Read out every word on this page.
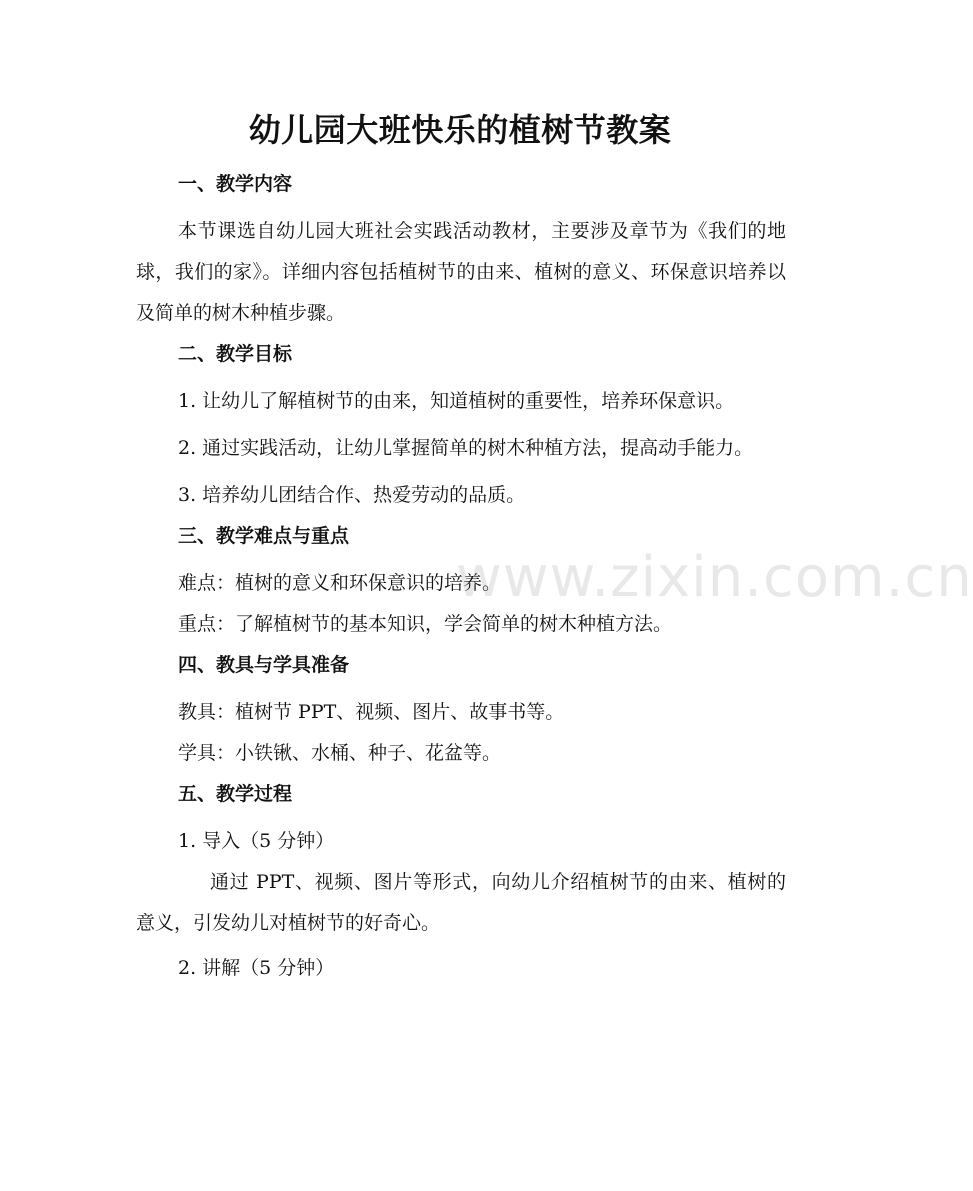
幼儿园大班快乐的植树节教案
一、教学内容
本节课选自幼儿园大班社会实践活动教材，主要涉及章节为《我们的地球，我们的家》。详细内容包括植树节的由来、植树的意义、环保意识培养以及简单的树木种植步骤。
二、教学目标
1. 让幼儿了解植树节的由来，知道植树的重要性，培养环保意识。
2. 通过实践活动，让幼儿掌握简单的树木种植方法，提高动手能力。
3. 培养幼儿团结合作、热爱劳动的品质。
三、教学难点与重点
难点：植树的意义和环保意识的培养。
重点：了解植树节的基本知识，学会简单的树木种植方法。
四、教具与学具准备
教具：植树节 PPT、视频、图片、故事书等。
学具：小铁锹、水桶、种子、花盆等。
五、教学过程
1. 导入（5 分钟）
通过 PPT、视频、图片等形式，向幼儿介绍植树节的由来、植树的意义，引发幼儿对植树节的好奇心。
2. 讲解（5 分钟）
www.zixin.com.cn
